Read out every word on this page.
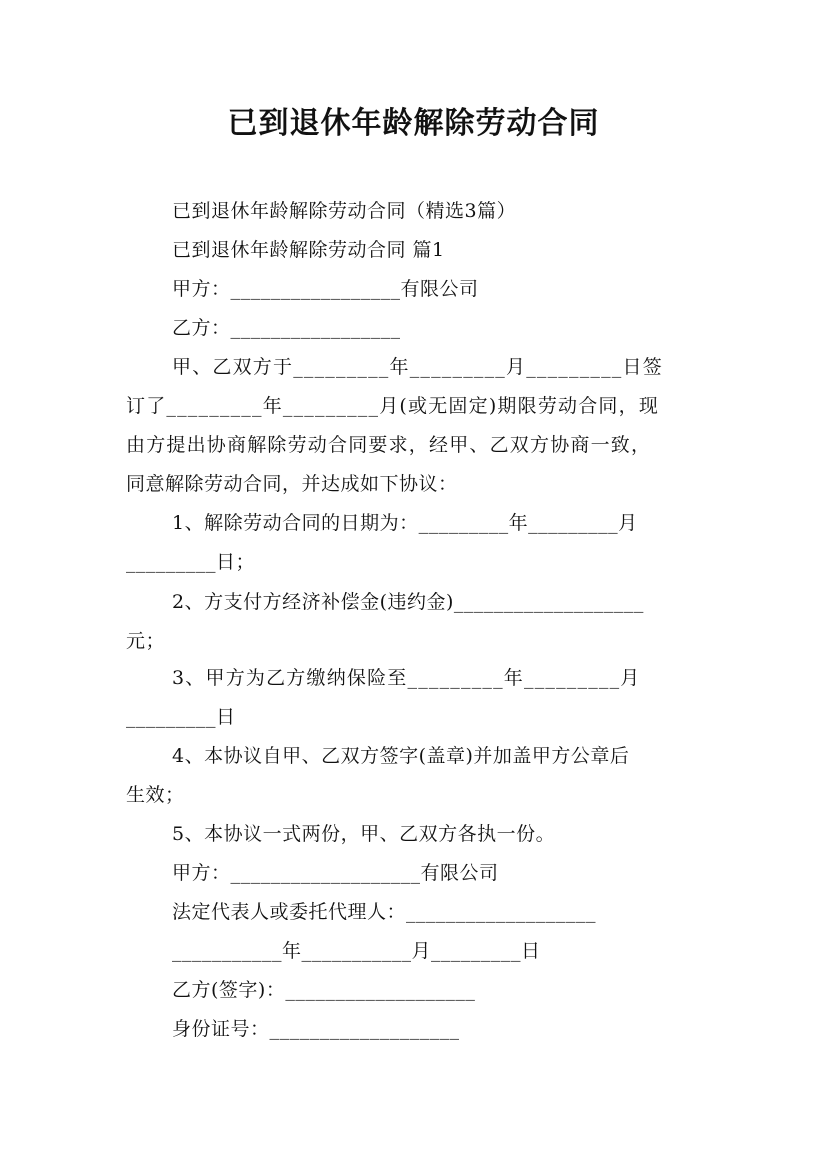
已到退休年龄解除劳动合同
已到退休年龄解除劳动合同（精选3篇）
已到退休年龄解除劳动合同 篇1
甲方：_________________有限公司
乙方：_________________
甲、乙双方于_________年_________月_________日签
订了_________年_________月(或无固定)期限劳动合同，现
由方提出协商解除劳动合同要求，经甲、乙双方协商一致，
同意解除劳动合同，并达成如下协议：
1、解除劳动合同的日期为：_________年_________月
_________日；
2、方支付方经济补偿金(违约金)___________________
元；
3、甲方为乙方缴纳保险至_________年_________月
_________日
4、本协议自甲、乙双方签字(盖章)并加盖甲方公章后
生效；
5、本协议一式两份，甲、乙双方各执一份。
甲方：___________________有限公司
法定代表人或委托代理人：___________________
___________年___________月_________日
乙方(签字)：___________________
身份证号：___________________
